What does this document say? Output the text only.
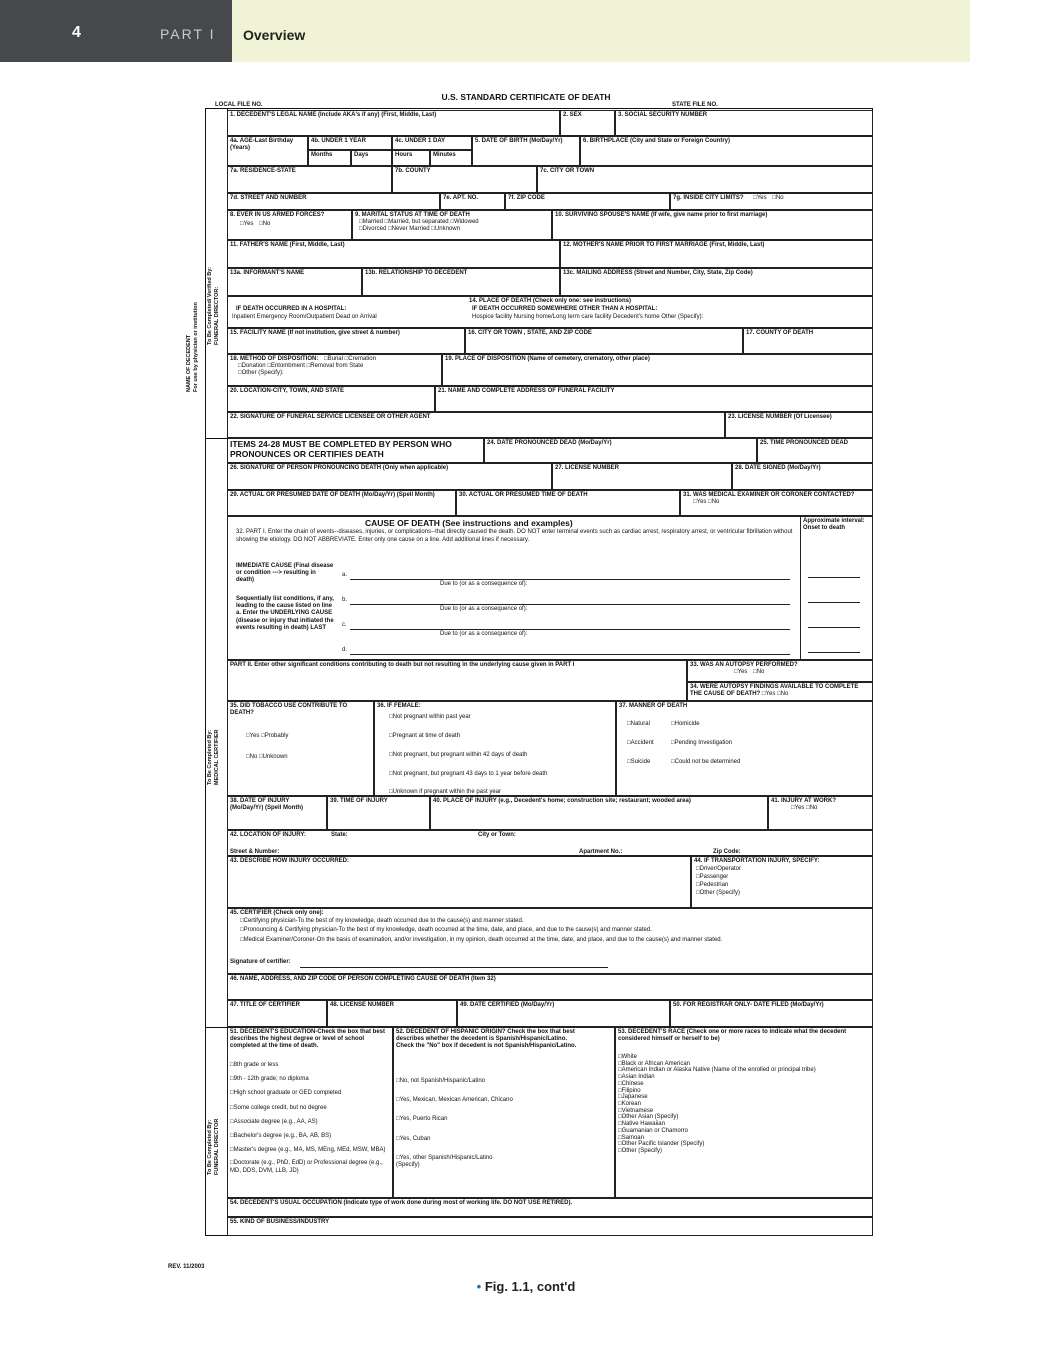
4	PART I Overview
U.S. STANDARD CERTIFICATE OF DEATH
LOCAL FILE NO.	STATE FILE NO.
NAME OF DECEDENT For use by physician or institution To Be Completed/ Verified By: FUNERAL DIRECTOR:
To Be Completed By: MEDICAL CERTIFIER
To Be Completed By: FUNERAL DIRECTOR
1. DECEDENT'S LEGAL NAME (Include AKA's if any) (First, Middle, Last)	2. SEX	3. SOCIAL SECURITY NUMBER
4a. AGE-Last Birthday (Years)
4b. UNDER 1 YEAR
Months	Days
4c. UNDER 1 DAY
Hours	Minutes
5. DATE OF BIRTH (Mo/Day/Yr)	6. BIRTHPLACE (City and State or Foreign Country)
7a. RESIDENCE-STATE	7b. COUNTY	7c. CITY OR TOWN
7d. STREET AND NUMBER	7e. APT. NO.	7f. ZIP CODE	7g. INSIDE CITY LIMITS? □ Yes □ No
8. EVER IN US ARMED FORCES?
□ Yes □ No
9. MARITAL STATUS AT TIME OF DEATH
□ Married □ Married, but separated □ Widowed
□ Divorced □ Never Married □ Unknown
10. SURVIVING SPOUSE'S NAME (If wife, give name prior to first marriage)
11. FATHER'S NAME (First, Middle, Last)	12. MOTHER'S NAME PRIOR TO FIRST MARRIAGE (First, Middle, Last)
13a. INFORMANT'S NAME	13b. RELATIONSHIP TO DECEDENT	13c. MAILING ADDRESS (Street and Number, City, State, Zip Code)
14. PLACE OF DEATH (Check only one: see instructions)
IF DEATH OCCURRED IN A HOSPITAL:
Inpatient Emergency Room/Outpatient Dead on Arrival
IF DEATH OCCURRED SOMEWHERE OTHER THAN A HOSPITAL:
Hospice facility Nursing home/Long term care facility Decedent's home Other (Specify):
15. FACILITY NAME (If not institution, give street & number)	16. CITY OR TOWN , STATE, AND ZIP CODE	17. COUNTY OF DEATH
18. METHOD OF DISPOSITION: □ Burial □ Cremation
□ Donation □ Entombment □ Removal from State
□ Other (Specify):
19. PLACE OF DISPOSITION (Name of cemetery, crematory, other place)
20. LOCATION-CITY, TOWN, AND STATE	21. NAME AND COMPLETE ADDRESS OF FUNERAL FACILITY
22. SIGNATURE OF FUNERAL SERVICE LICENSEE OR OTHER AGENT	23. LICENSE NUMBER (Of Licensee)
ITEMS 24-28 MUST BE COMPLETED BY PERSON WHO PRONOUNCES OR CERTIFIES DEATH
24. DATE PRONOUNCED DEAD (Mo/Day/Yr)	25. TIME PRONOUNCED DEAD
26. SIGNATURE OF PERSON PRONOUNCING DEATH (Only when applicable)	27. LICENSE NUMBER	28. DATE SIGNED (Mo/Day/Yr)
29. ACTUAL OR PRESUMED DATE OF DEATH (Mo/Day/Yr) (Spell Month)	30. ACTUAL OR PRESUMED TIME OF DEATH	31. WAS MEDICAL EXAMINER OR CORONER CONTACTED?
□ Yes □ No
CAUSE OF DEATH (See instructions and examples)
32. PART I. Enter the chain of events--diseases, injuries, or complications--that directly caused the death. DO NOT enter terminal events such as cardiac arrest, respiratory arrest, or ventricular fibrillation without showing the etiology. DO NOT ABBREVIATE. Enter only one cause on a line. Add additional lines if necessary.
Approximate interval: Onset to death
IMMEDIATE CAUSE (Final disease or condition ---> resulting in death)
Sequentially list conditions, if any, leading to the cause listed on line a. Enter the UNDERLYING CAUSE (disease or injury that initiated the events resulting in death) LAST
a.
Due to (or as a consequence of):
b.
Due to (or as a consequence of):
c.
Due to (or as a consequence of):
d.
PART II. Enter other significant conditions contributing to death but not resulting in the underlying cause given in PART I	33. WAS AN AUTOPSY PERFORMED?
□ Yes □ No
34. WERE AUTOPSY FINDINGS AVAILABLE TO COMPLETE THE CAUSE OF DEATH? □ Yes □ No
35. DID TOBACCO USE CONTRIBUTE TO DEATH?
□ Yes □ Probably
□ No □ Unknown
36. IF FEMALE:
□ Not pregnant within past year
□ Pregnant at time of death
□ Not pregnant, but pregnant within 42 days of death
□ Not pregnant, but pregnant 43 days to 1 year before death
□ Unknown if pregnant within the past year
37. MANNER OF DEATH
□ Natural	□ Homicide
□ Accident	□ Pending Investigation
□ Suicide	□ Could not be determined
38. DATE OF INJURY (Mo/Day/Yr) (Spell Month)
39. TIME OF INJURY	40. PLACE OF INJURY (e.g., Decedent's home; construction site; restaurant; wooded area)	41. INJURY AT WORK?
□ Yes □ No
42. LOCATION OF INJURY:	State:	City or Town:
Street & Number:	Apartment No.:	Zip Code:
43. DESCRIBE HOW INJURY OCCURRED:	44. IF TRANSPORTATION INJURY, SPECIFY:
□ Driver/Operator
□ Passenger
□ Pedestrian
□ Other (Specify)
45. CERTIFIER (Check only one):
□ Certifying physician-To the best of my knowledge, death occurred due to the cause(s) and manner stated.
□ Pronouncing & Certifying physician-To the best of my knowledge, death occurred at the time, date, and place, and due to the cause(s) and manner stated.
□ Medical Examiner/Coroner-On the basis of examination, and/or investigation, in my opinion, death occurred at the time, date, and place, and due to the cause(s) and manner stated.
Signature of certifier:
46. NAME, ADDRESS, AND ZIP CODE OF PERSON COMPLETING CAUSE OF DEATH (Item 32)
47. TITLE OF CERTIFIER	48. LICENSE NUMBER	49. DATE CERTIFIED (Mo/Day/Yr)	50. FOR REGISTRAR ONLY- DATE FILED (Mo/Day/Yr)
51. DECEDENT'S EDUCATION-Check the box that best describes the highest degree or level of school completed at the time of death.
□ 8th grade or less
□ 9th - 12th grade; no diploma
□ High school graduate or GED completed
□ Some college credit, but no degree
□ Associate degree (e.g., AA, AS)
□ Bachelor's degree (e.g., BA, AB, BS)
□ Master's degree (e.g., MA, MS, MEng, MEd, MSW, MBA)
□ Doctorate (e.g., PhD, EdD) or Professional degree (e.g., MD, DDS, DVM, LLB, JD)
52. DECEDENT OF HISPANIC ORIGIN? Check the box that best describes whether the decedent is Spanish/Hispanic/Latino. Check the "No" box if decedent is not Spanish/Hispanic/Latino.
□ No, not Spanish/Hispanic/Latino
□ Yes, Mexican, Mexican American, Chicano
□ Yes, Puerto Rican
□ Yes, Cuban
□ Yes, other Spanish/Hispanic/Latino (Specify)
53. DECEDENT'S RACE (Check one or more races to indicate what the decedent considered himself or herself to be)
□ White
□ Black or African American
□ American Indian or Alaska Native (Name of the enrolled or principal tribe)
□ Asian Indian
□ Chinese
□ Filipino
□ Japanese
□ Korean
□ Vietnamese
□ Other Asian (Specify)
□ Native Hawaiian
□ Guamanian or Chamorro
□ Samoan
□ Other Pacific Islander (Specify)
□ Other (Specify)
54. DECEDENT'S USUAL OCCUPATION (Indicate type of work done during most of working life. DO NOT USE RETIRED).
55. KIND OF BUSINESS/INDUSTRY
REV. 11/2003
• Fig. 1.1, cont'd
